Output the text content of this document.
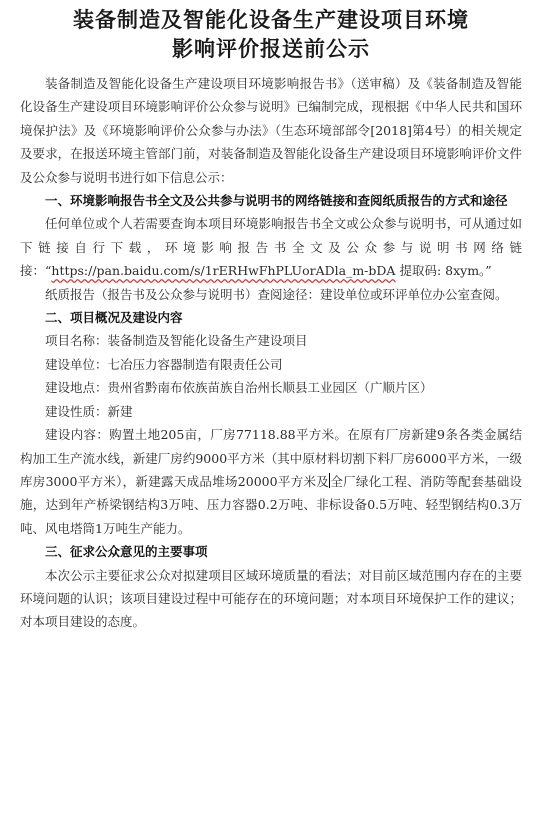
装备制造及智能化设备生产建设项目环境
影响评价报送前公示

装备制造及智能化设备生产建设项目环境影响报告书》（送审稿）及《装备制造及智能化设备生产建设项目环境影响评价公众参与说明》已编制完成，现根据《中华人民共和国环境保护法》及《环境影响评价公众参与办法》（生态环境部部令[2018]第4号）的相关规定及要求，在报送环境主管部门前，对装备制造及智能化设备生产建设项目环境影响评价文件及公众参与说明书进行如下信息公示：

一、环境影响报告书全文及公共参与说明书的网络链接和查阅纸质报告的方式和途径

任何单位或个人若需要查询本项目环境影响报告书全文或公众参与说明书，可从通过如下链接自行下载，环境影响报告书全文及公众参与说明书网络链接：“https://pan.baidu.com/s/1rERHwFhPLUorADla_m-bDA 提取码: 8xym。”

纸质报告（报告书及公众参与说明书）查阅途径：建设单位或环评单位办公室查阅。

二、项目概况及建设内容

项目名称：装备制造及智能化设备生产建设项目

建设单位：七冶压力容器制造有限责任公司

建设地点：贵州省黔南布依族苗族自治州长顺县工业园区（广顺片区）

建设性质：新建

建设内容：购置土地205亩，厂房77118.88平方米。在原有厂房新建9条各类金属结构加工生产流水线，新建厂房约9000平方米（其中原材料切割下料厂房6000平方米，一级库房3000平方米），新建露天成品堆场20000平方米及全厂绿化工程、消防等配套基础设施，达到年产桥梁钢结构3万吨、压力容器0.2万吨、非标设备0.5万吨、轻型钢结构0.3万吨、风电塔筒1万吨生产能力。

三、征求公众意见的主要事项

本次公示主要征求公众对拟建项目区域环境质量的看法；对目前区域范围内存在的主要环境问题的认识；该项目建设过程中可能存在的环境问题；对本项目环境保护工作的建议；对本项目建设的态度。
